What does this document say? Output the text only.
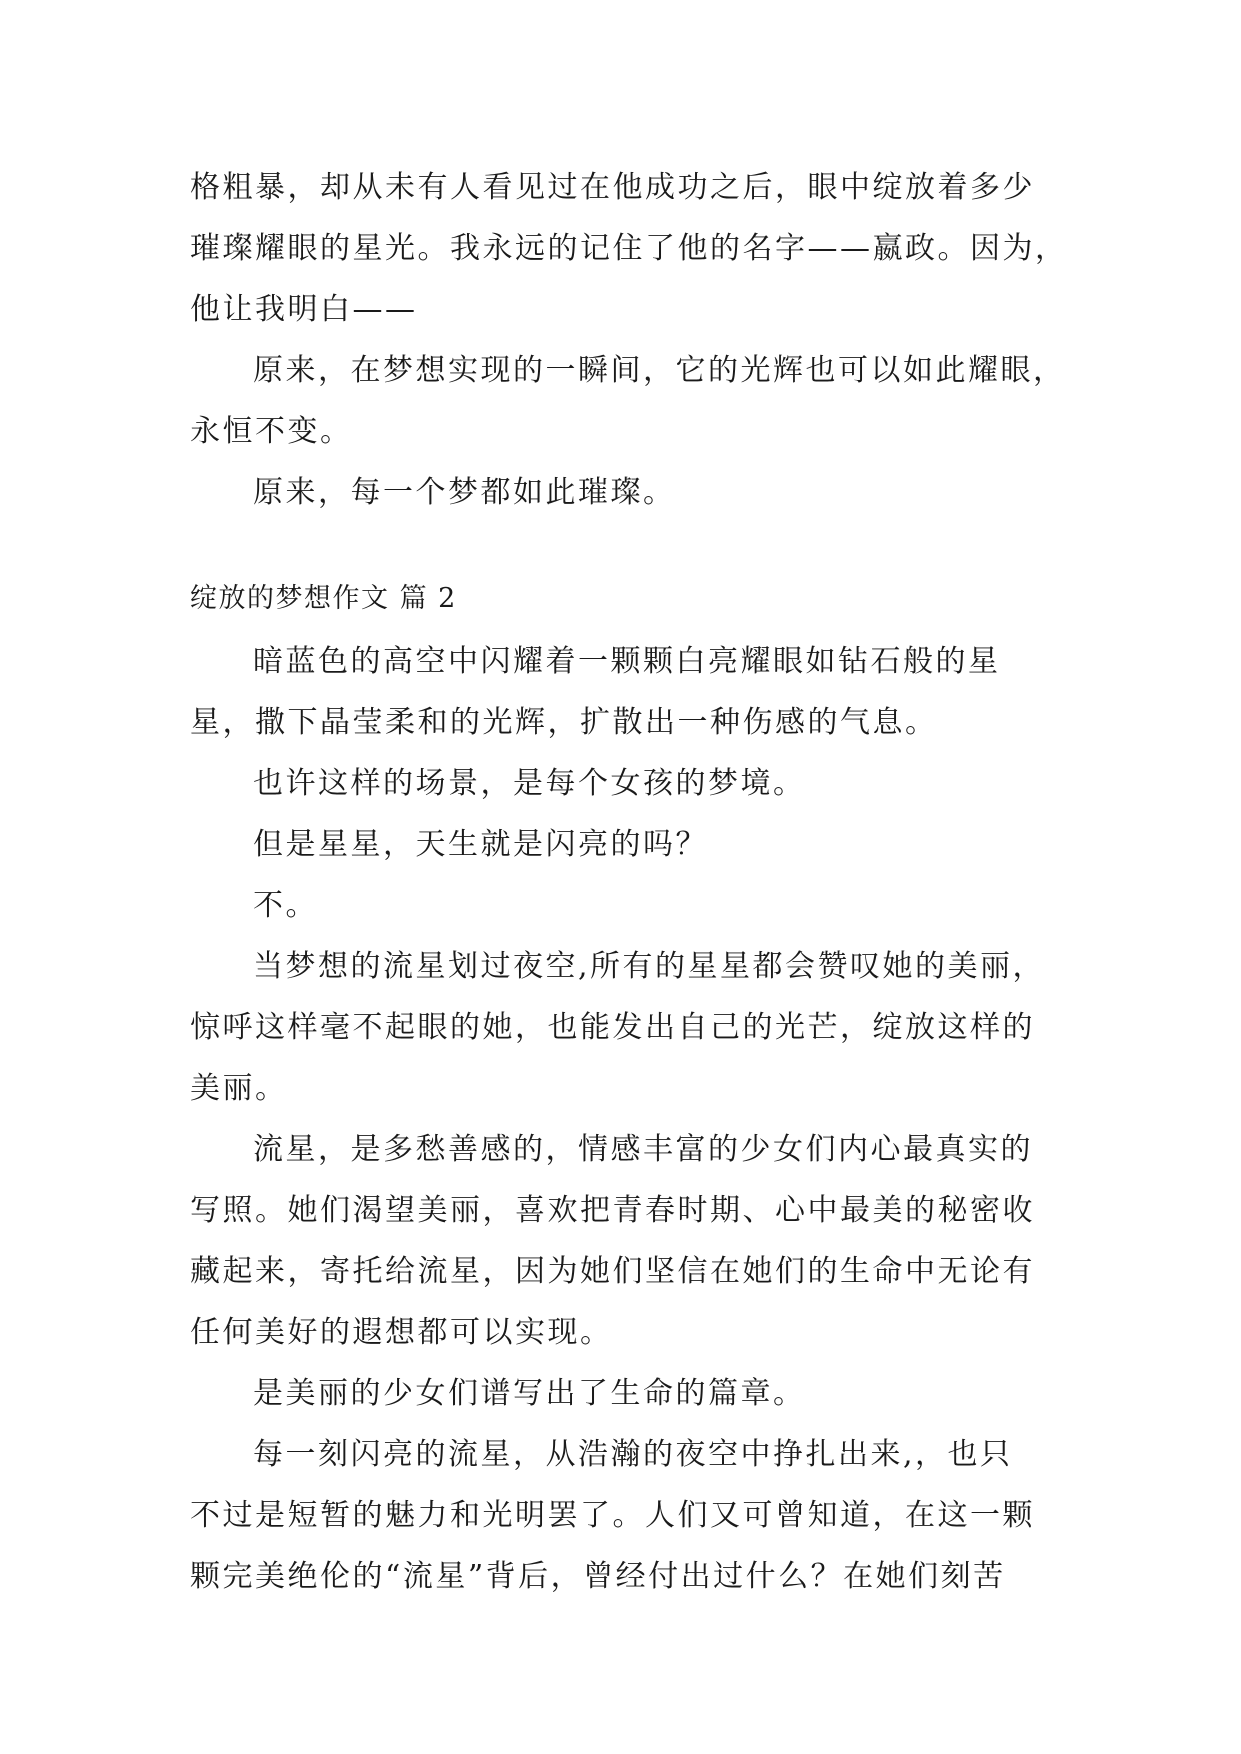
格粗暴，却从未有人看见过在他成功之后，眼中绽放着多少
璀璨耀眼的星光。我永远的记住了他的名字——嬴政。因为，
他让我明白——
原来，在梦想实现的一瞬间，它的光辉也可以如此耀眼，
永恒不变。
原来，每一个梦都如此璀璨。
绽放的梦想作文 篇 2
暗蓝色的高空中闪耀着一颗颗白亮耀眼如钻石般的星
星，撒下晶莹柔和的光辉，扩散出一种伤感的气息。
也许这样的场景，是每个女孩的梦境。
但是星星，天生就是闪亮的吗？
不。
当梦想的流星划过夜空,所有的星星都会赞叹她的美丽，
惊呼这样毫不起眼的她，也能发出自己的光芒，绽放这样的
美丽。
流星，是多愁善感的，情感丰富的少女们内心最真实的
写照。她们渴望美丽，喜欢把青春时期、心中最美的秘密收
藏起来，寄托给流星，因为她们坚信在她们的生命中无论有
任何美好的遐想都可以实现。
是美丽的少女们谱写出了生命的篇章。
每一刻闪亮的流星，从浩瀚的夜空中挣扎出来,，也只
不过是短暂的魅力和光明罢了。人们又可曾知道，在这一颗
颗完美绝伦的“流星”背后，曾经付出过什么？在她们刻苦
